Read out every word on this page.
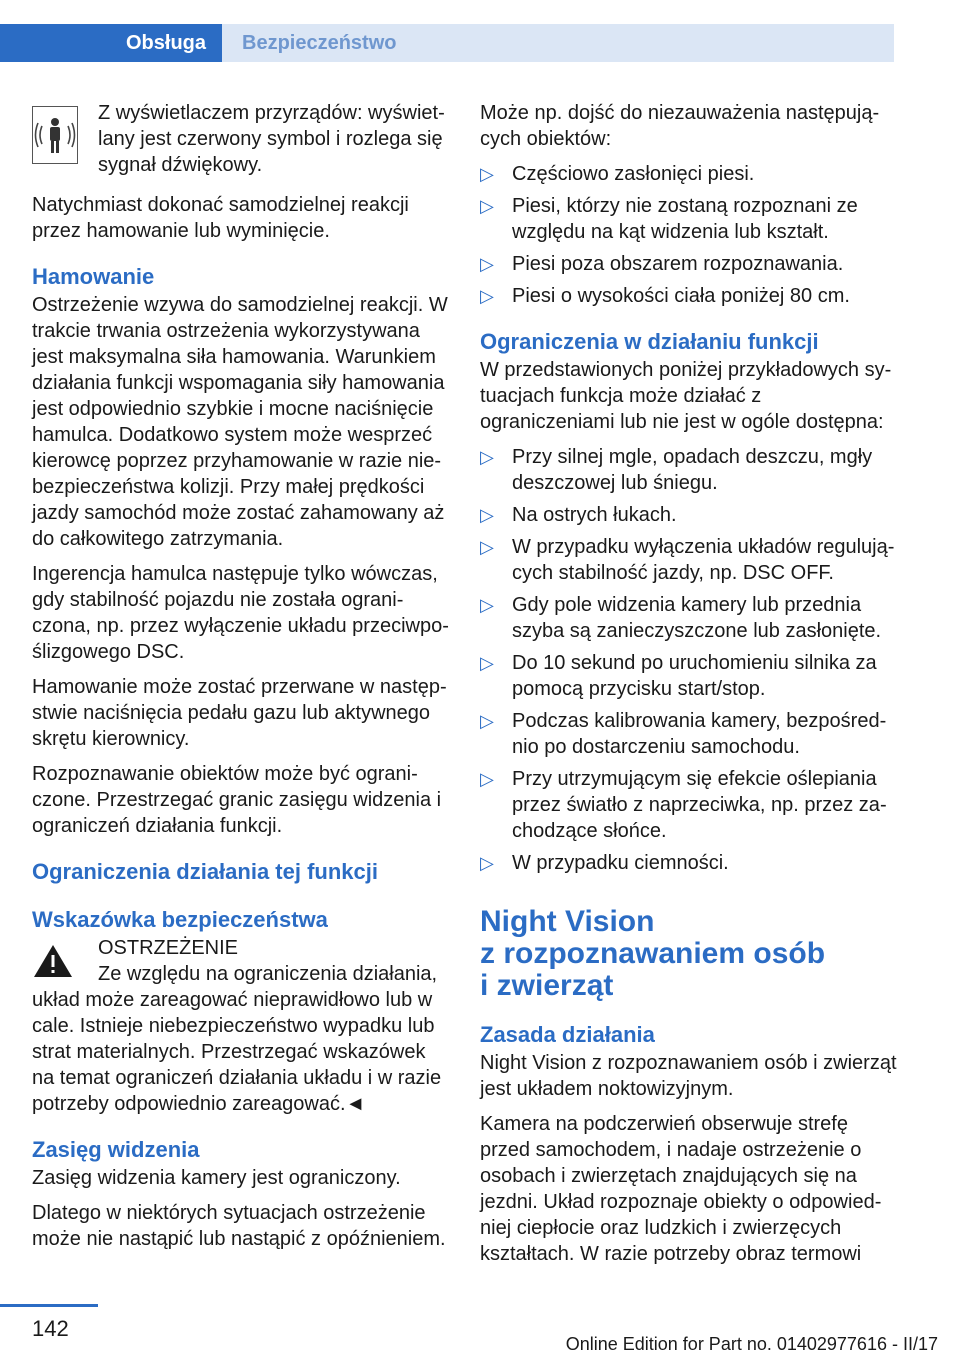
Obsługa	Bezpieczeństwo

Z wyświetlaczem przyrządów: wyświetlany jest czerwony symbol i rozlega się sygnał dźwiękowy.

Natychmiast dokonać samodzielnej reakcji przez hamowanie lub wyminięcie.

Hamowanie

Ostrzeżenie wzywa do samodzielnej reakcji. W trakcie trwania ostrzeżenia wykorzystywana jest maksymalna siła hamowania. Warunkiem działania funkcji wspomagania siły hamowania jest odpowiednio szybkie i mocne naciśnięcie hamulca. Dodatkowo system może wesprzeć kierowcę poprzez przyhamowanie w razie niebezpieczeństwa kolizji. Przy małej prędkości jazdy samochód może zostać zahamowany aż do całkowitego zatrzymania.

Ingerencja hamulca następuje tylko wówczas, gdy stabilność pojazdu nie została ograniczona, np. przez wyłączenie układu przeciwpoślizgowego DSC.

Hamowanie może zostać przerwane w następstwie naciśnięcia pedału gazu lub aktywnego skrętu kierownicy.

Rozpoznawanie obiektów może być ograniczone. Przestrzegać granic zasięgu widzenia i ograniczeń działania funkcji.

Ograniczenia działania tej funkcji
Wskazówka bezpieczeństwa
OSTRZEŻENIE
Ze względu na ograniczenia działania,

układ może zareagować nieprawidłowo lub w cale. Istnieje niebezpieczeństwo wypadku lub strat materialnych. Przestrzegać wskazówek na temat ograniczeń działania układu i w razie potrzeby odpowiednio zareagować.◄

Zasięg widzenia

Zasięg widzenia kamery jest ograniczony.

Dlatego w niektórych sytuacjach ostrzeżenie może nie nastąpić lub nastąpić z opóźnieniem.

Może np. dojść do niezauważenia następujących obiektów:

▷ Częściowo zasłonięci piesi.
▷ Piesi, którzy nie zostaną rozpoznani ze względu na kąt widzenia lub kształt.
▷ Piesi poza obszarem rozpoznawania.
▷ Piesi o wysokości ciała poniżej 80 cm.
Ograniczenia w działaniu funkcji

W przedstawionych poniżej przykładowych sytuacjach funkcja może działać z ograniczeniami lub nie jest w ogóle dostępna:

▷ Przy silnej mgle, opadach deszczu, mgły deszczowej lub śniegu.
▷ Na ostrych łukach.
▷ W przypadku wyłączenia układów regulujących stabilność jazdy, np. DSC OFF.
▷ Gdy pole widzenia kamery lub przednia szyba są zanieczyszczone lub zasłonięte.
▷ Do 10 sekund po uruchomieniu silnika za pomocą przycisku start/stop.
▷ Podczas kalibrowania kamery, bezpośrednio po dostarczeniu samochodu.
▷ Przy utrzymującym się efekcie oślepiania przez światło z naprzeciwka, np. przez zachodzące słońce.
▷ W przypadku ciemności.
Night Vision
z rozpoznawaniem osób
i zwierząt
Zasada działania

Night Vision z rozpoznawaniem osób i zwierząt jest układem noktowizyjnym.

Kamera na podczerwień obserwuje strefę przed samochodem, i nadaje ostrzeżenie o osobach i zwierzętach znajdujących się na jezdni. Układ rozpoznaje obiekty o odpowiedniej ciepłocie oraz ludzkich i zwierzęcych kształtach. W razie potrzeby obraz termowi

142
Online Edition for Part no. 01402977616 - II/17
